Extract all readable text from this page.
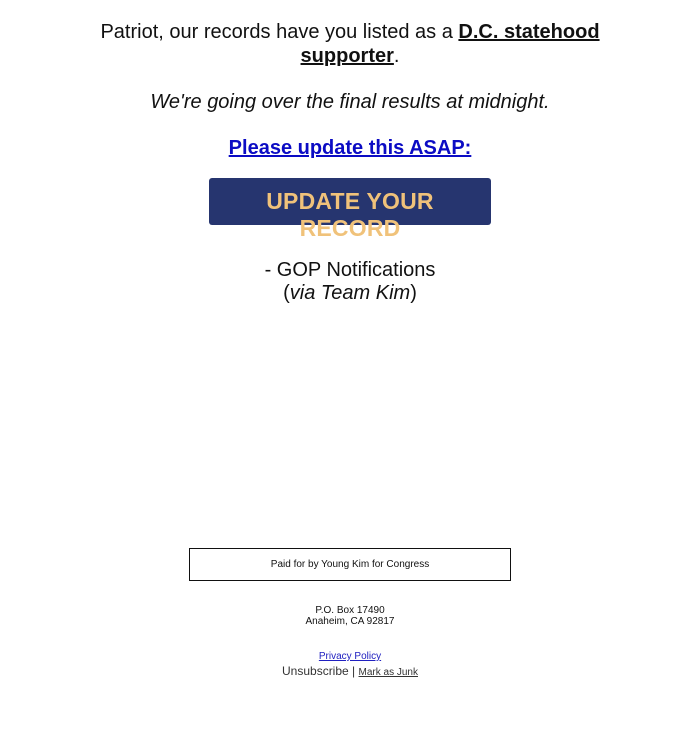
Patriot, our records have you listed as a D.C. statehood supporter.
We're going over the final results at midnight.
Please update this ASAP:
UPDATE YOUR RECORD
- GOP Notifications
(via Team Kim)
Paid for by Young Kim for Congress
P.O. Box 17490
Anaheim, CA 92817
Privacy Policy
Unsubscribe | Mark as Junk
